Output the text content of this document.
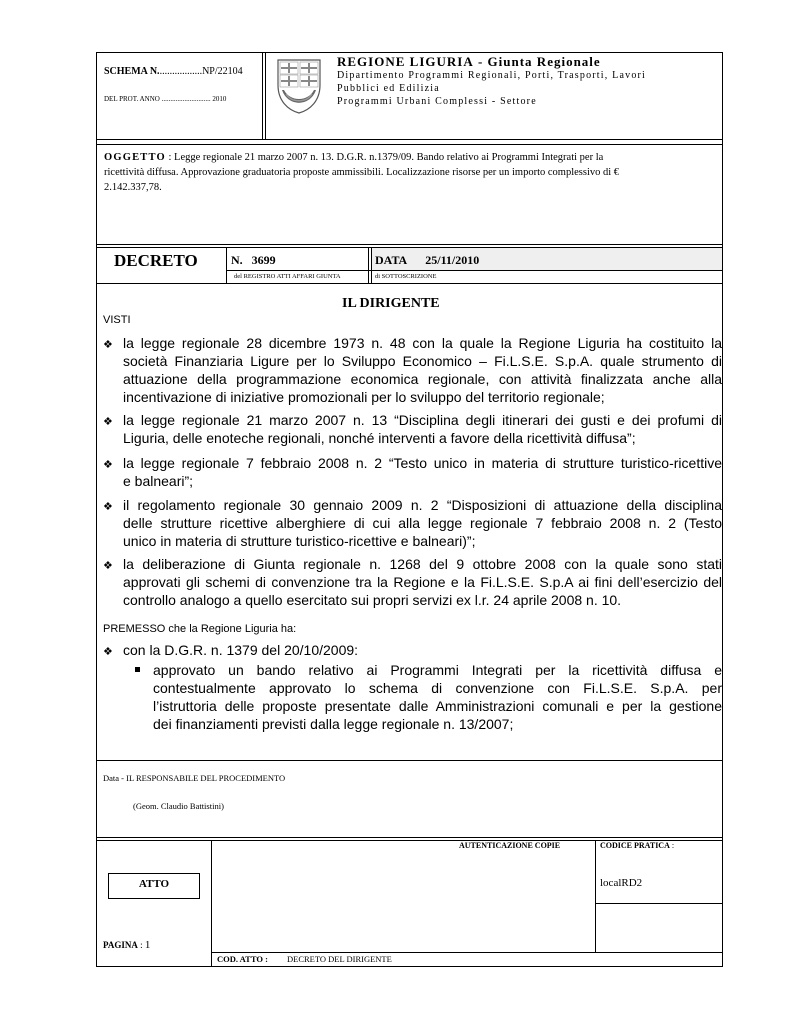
SCHEMA N..................NP/22104
DEL PROT. ANNO ............................ 2010
REGIONE LIGURIA - Giunta Regionale
Dipartimento Programmi Regionali, Porti, Trasporti, Lavori
Pubblici ed Edilizia
Programmi Urbani Complessi - Settore
OGGETTO : Legge regionale 21 marzo 2007 n. 13. D.G.R. n.1379/09. Bando relativo ai Programmi Integrati per la
ricettività diffusa. Approvazione graduatoria proposte ammissibili. Localizzazione risorse per un importo complessivo di €
2.142.337,78.
DECRETO	N. 3699
del REGISTRO ATTI AFFARI GIUNTA
DATA 25/11/2010
di SOTTOSCRIZIONE
IL DIRIGENTE
VISTI
❖ la legge regionale 28 dicembre 1973 n. 48 con la quale la Regione Liguria ha costituito la
società Finanziaria Ligure per lo Sviluppo Economico – Fi.L.S.E. S.p.A. quale strumento di
attuazione della programmazione economica regionale, con attività finalizzata anche alla
incentivazione di iniziative promozionali per lo sviluppo del territorio regionale;
❖ la legge regionale 21 marzo 2007 n. 13 “Disciplina degli itinerari dei gusti e dei profumi di
Liguria, delle enoteche regionali, nonché interventi a favore della ricettività diffusa”;
❖ la legge regionale 7 febbraio 2008 n. 2 “Testo unico in materia di strutture turistico-ricettive
e balneari”;
❖ il regolamento regionale 30 gennaio 2009 n. 2 “Disposizioni di attuazione della disciplina
delle strutture ricettive alberghiere di cui alla legge regionale 7 febbraio 2008 n. 2 (Testo
unico in materia di strutture turistico-ricettive e balneari)”;
❖ la deliberazione di Giunta regionale n. 1268 del 9 ottobre 2008 con la quale sono stati
approvati gli schemi di convenzione tra la Regione e la Fi.L.S.E. S.p.A ai fini dell’esercizio del
controllo analogo a quello esercitato sui propri servizi ex l.r. 24 aprile 2008 n. 10.
PREMESSO che la Regione Liguria ha:
❖ con la D.G.R. n. 1379 del 20/10/2009:
approvato un bando relativo ai Programmi Integrati per la ricettività diffusa e
contestualmente approvato lo schema di convenzione con Fi.L.S.E. S.p.A. per
l’istruttoria delle proposte presentate dalle Amministrazioni comunali e per la gestione
dei finanziamenti previsti dalla legge regionale n. 13/2007;
Data - IL RESPONSABILE DEL PROCEDIMENTO
(Geom. Claudio Battistini)
ATTO
AUTENTICAZIONE COPIE	CODICE PRATICA :
localRD2
PAGINA : 1
COD. ATTO : DECRETO DEL DIRIGENTE
